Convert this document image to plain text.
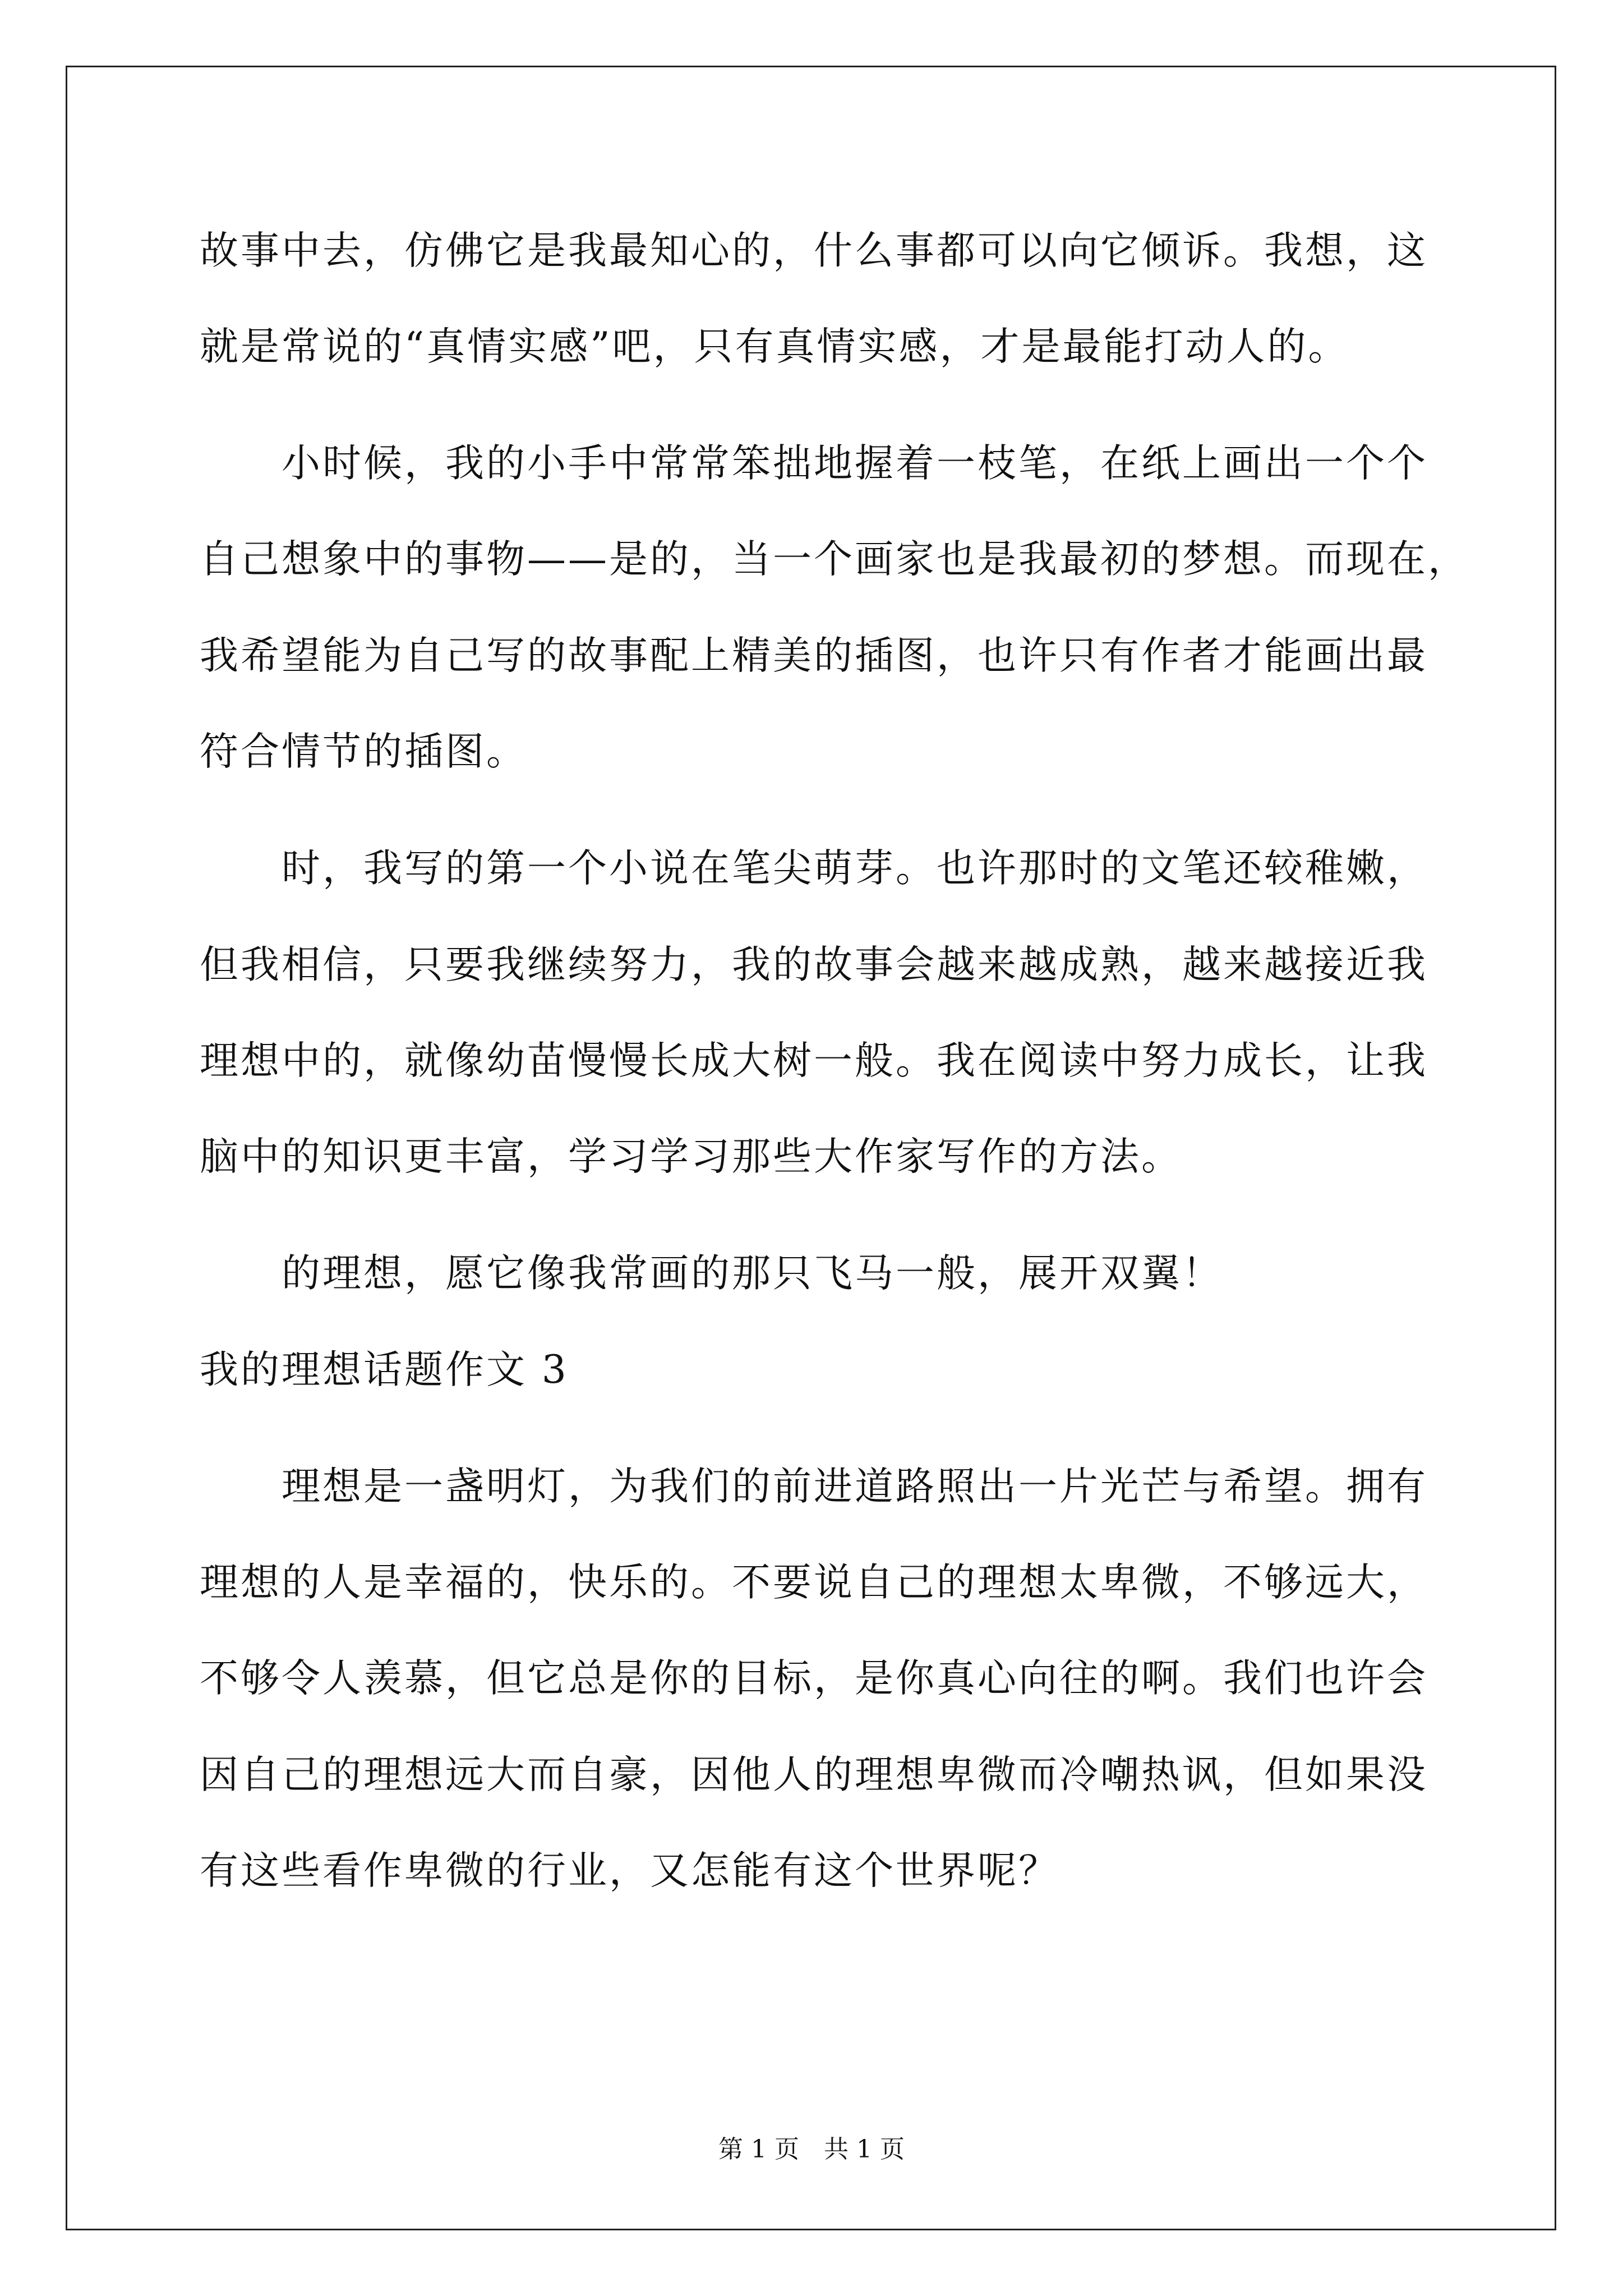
故事中去，仿佛它是我最知心的，什么事都可以向它倾诉。我想，这

就是常说的“真情实感”吧，只有真情实感，才是最能打动人的。

　　小时候，我的小手中常常笨拙地握着一枝笔，在纸上画出一个个

自己想象中的事物——是的，当一个画家也是我最初的梦想。而现在，

我希望能为自己写的故事配上精美的插图，也许只有作者才能画出最

符合情节的插图。

　　时，我写的第一个小说在笔尖萌芽。也许那时的文笔还较稚嫩，

但我相信，只要我继续努力，我的故事会越来越成熟，越来越接近我

理想中的，就像幼苗慢慢长成大树一般。我在阅读中努力成长，让我

脑中的知识更丰富，学习学习那些大作家写作的方法。

　　的理想，愿它像我常画的那只飞马一般，展开双翼！

我的理想话题作文 3

　　理想是一盏明灯，为我们的前进道路照出一片光芒与希望。拥有

理想的人是幸福的，快乐的。不要说自己的理想太卑微，不够远大，

不够令人羡慕，但它总是你的目标，是你真心向往的啊。我们也许会

因自己的理想远大而自豪，因他人的理想卑微而冷嘲热讽，但如果没

有这些看作卑微的行业，又怎能有这个世界呢？

第 1 页 共 1 页
